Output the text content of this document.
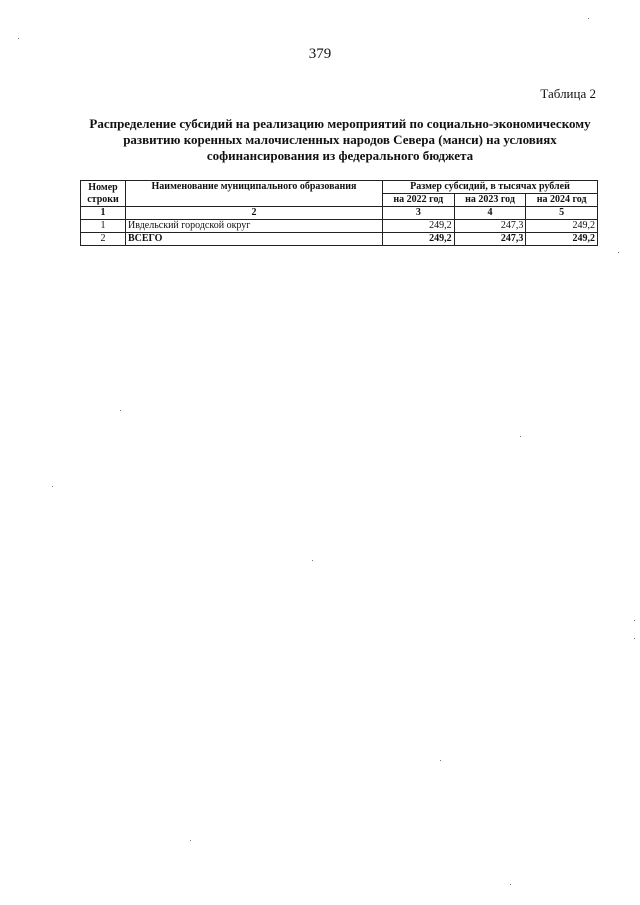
379
Таблица 2
Распределение субсидий на реализацию мероприятий по социально-экономическому
развитию коренных малочисленных народов Севера (манси) на условиях
софинансирования из федерального бюджета
Номер
строки	Наименование муниципального образования	Размер субсидий, в тысячах рублей		
		на 2022 год	на 2023 год	на 2024 год
1	2	3	4	5
1	Ивдельский городской округ	249,2	247,3	249,2
2	ВСЕГО	249,2	247,3	249,2
